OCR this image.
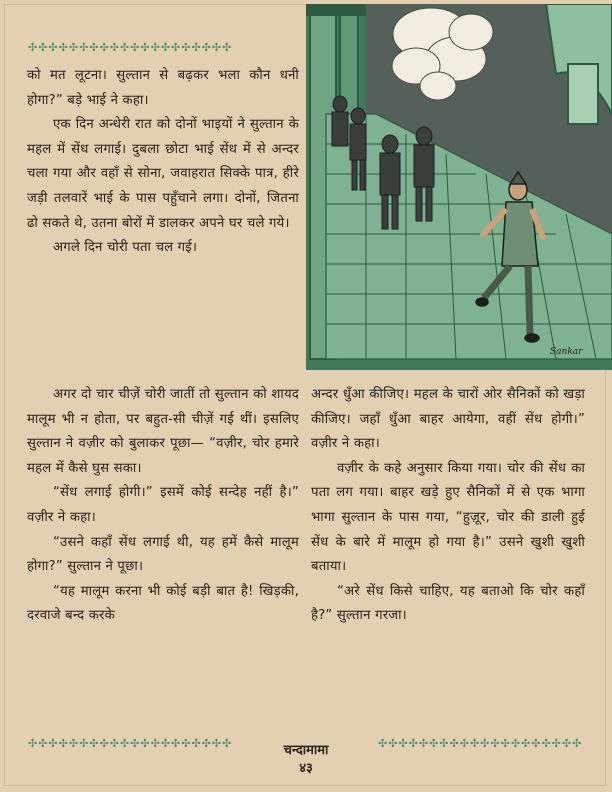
✣✣✣✣✣✣✣✣✣✣✣✣✣✣✣✣✣✣✣✣

को मत लूटना। सुल्तान से बढ़कर भला कौन धनी होगा?” बड़े भाई ने कहा।

एक दिन अन्धेरी रात को दोनों भाइयों ने सुल्तान के महल में सेंध लगाई। दुबला छोटा भाई सेंध में से अन्दर चला गया और वहाँ से सोना, जवाहरात सिक्के पात्र, हीरे जड़ी तलवारें भाई के पास पहुँचाने लगा। दोनों, जितना ढो सकते थे, उतना बोरों में डालकर अपने घर चले गये।

अगले दिन चोरी पता चल गई।

Sankar

अगर दो चार चीज़ें चोरी जातीं तो सुल्तान को शायद मालूम भी न होता, पर बहुत-सी चीज़ें गई थीं। इसलिए सुल्तान ने वज़ीर को बुलाकर पूछा— “वज़ीर, चोर हमारे महल में कैसे घुस सका।

“सेंध लगाई होगी।” इसमें कोई सन्देह नहीं है।” वज़ीर ने कहा।

“उसने कहाँ सेंध लगाई थी, यह हमें कैसे मालूम होगा?” सुल्तान ने पूछा।

“यह मालूम करना भी कोई बड़ी बात है! खिड़की, दरवाजे बन्द करके

अन्दर धुँआ कीजिए। महल के चारों ओर सैनिकों को खड़ा कीजिए। जहाँ धुँआ बाहर आयेगा, वहीं सेंध होगी।” वज़ीर ने कहा।

वज़ीर के कहे अनुसार किया गया। चोर की सेंध का पता लग गया। बाहर खड़े हुए सैनिकों में से एक भागा भागा सुल्तान के पास गया, “हुज़ूर, चोर की डाली हुई सेंध के बारे में मालूम हो गया है।” उसने खुशी खुशी बताया।

“अरे सेंध किसे चाहिए, यह बताओ कि चोर कहाँ है?” सुल्तान गरजा।

✣✣✣✣✣✣✣✣✣✣✣✣✣✣✣✣✣✣✣✣	✣✣✣✣✣✣✣✣✣✣✣✣✣✣✣✣✣✣✣✣
चन्दामामा
४३
